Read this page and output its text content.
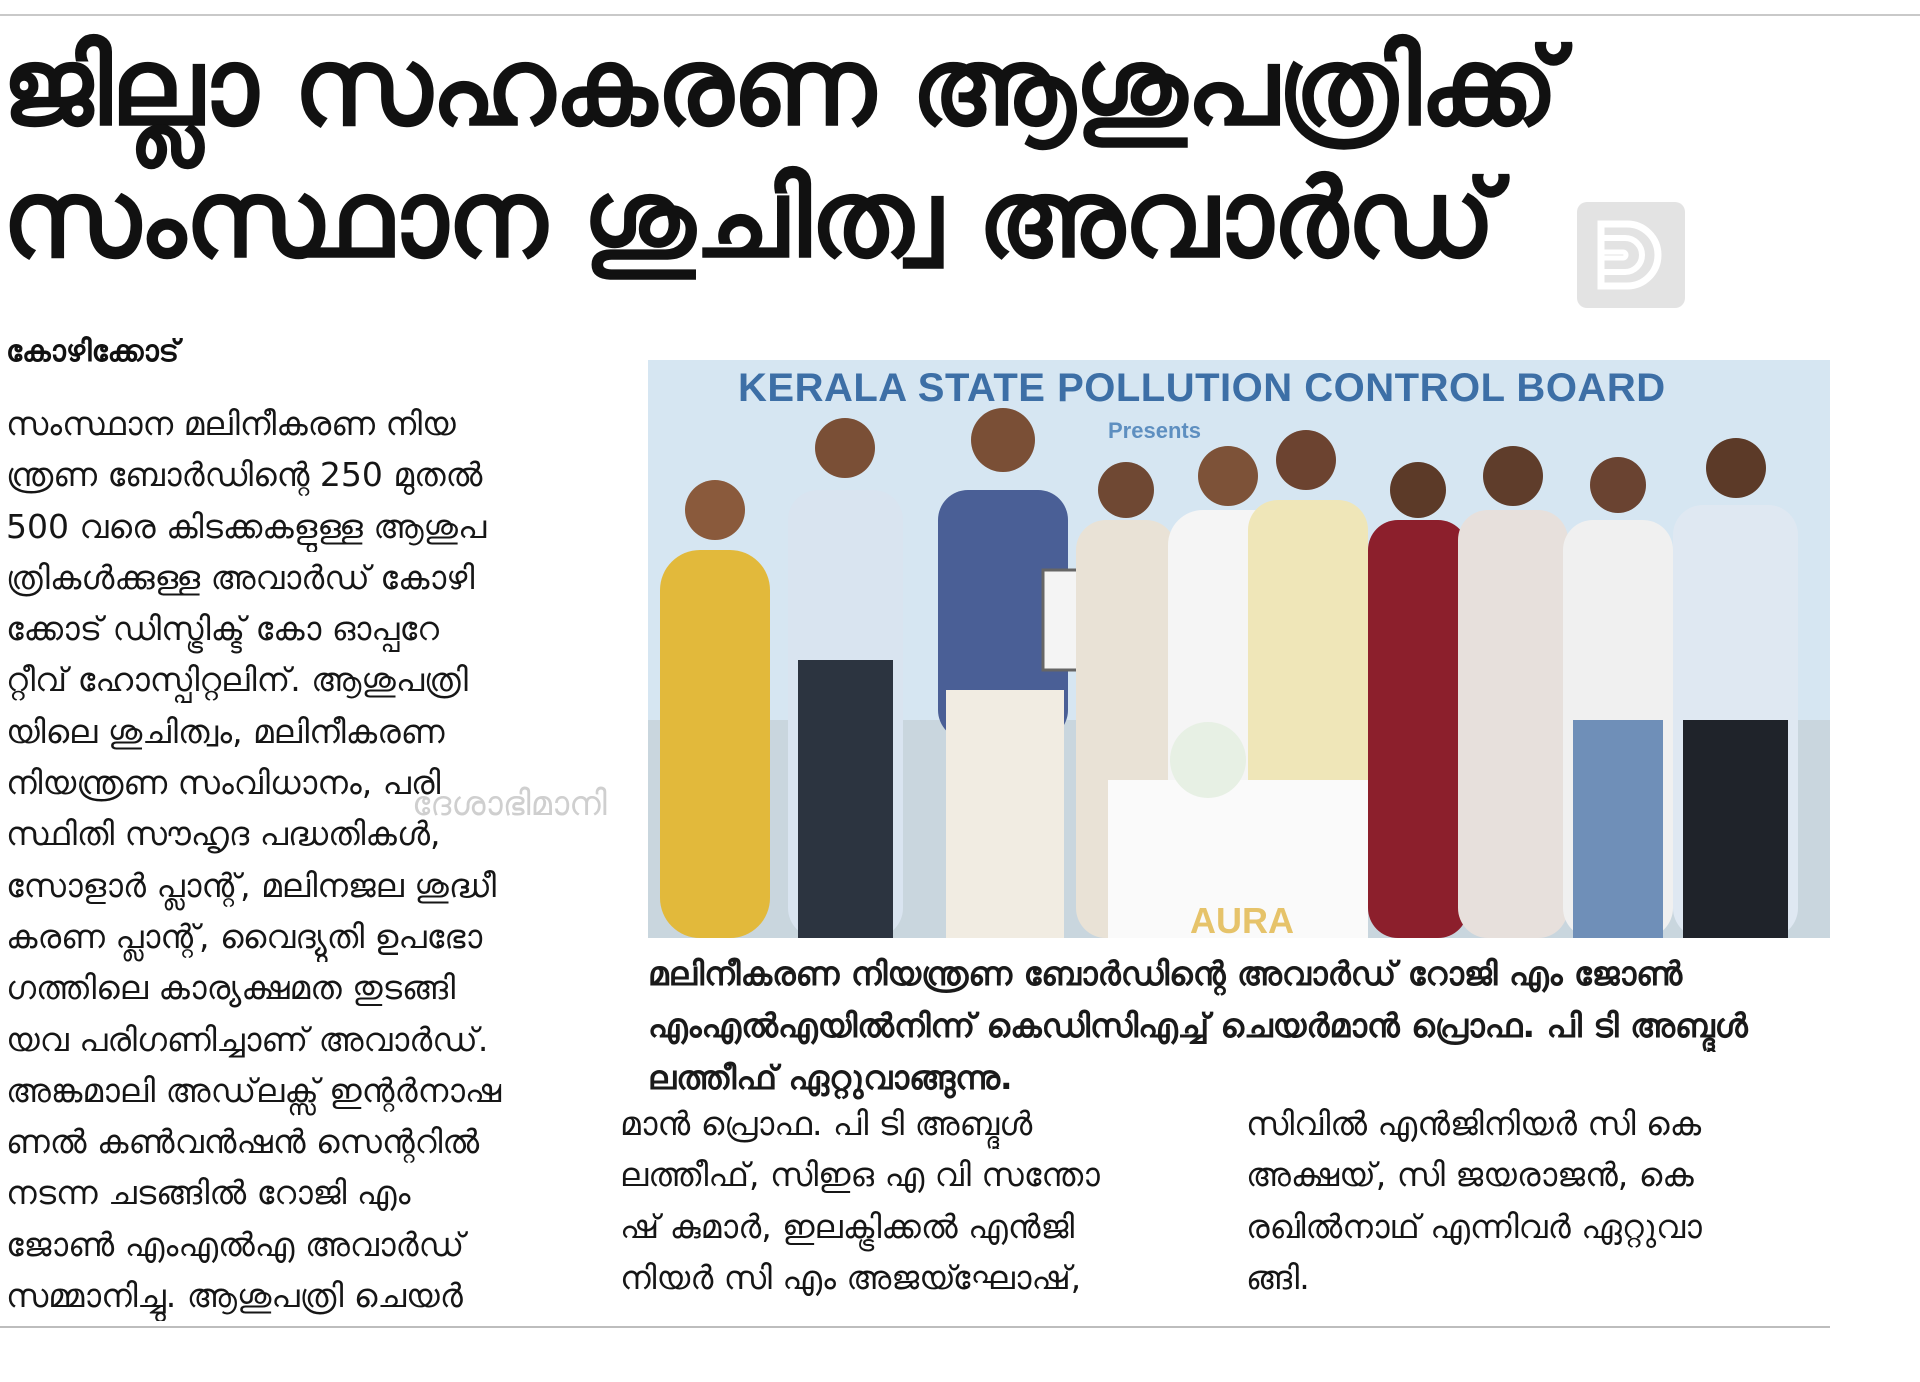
ജില്ലാ സഹകരണ ആശുപത്രിക്ക്
സംസ്ഥാന ശുചിത്വ അവാർഡ്
കോഴിക്കോട്
സംസ്ഥാന മലിനീകരണ നിയ
ന്ത്രണ ബോർഡിന്റെ 250 മുതൽ
500 വരെ കിടക്കകളുള്ള ആശുപ
ത്രികൾക്കുള്ള അവാർഡ് കോഴി
ക്കോട് ഡിസ്ട്രിക്ട് കോ ഓപ്പറേ
റ്റീവ് ഹോസ്പിറ്റലിന്. ആശുപത്രി
യിലെ ശുചിത്വം, മലിനീകരണ
നിയന്ത്രണ സംവിധാനം, പരി
സ്ഥിതി സൗഹൃദ പദ്ധതികൾ,
സോളാർ പ്ലാന്റ്, മലിനജല ശുദ്ധീ
കരണ പ്ലാന്റ്, വൈദ്യുതി ഉപഭോ
ഗത്തിലെ കാര്യക്ഷമത തുടങ്ങി
യവ പരിഗണിച്ചാണ് അവാർഡ്.
അങ്കമാലി അഡ്‌ലക്സ് ഇന്റർനാഷ
ണൽ കൺവൻഷൻ സെന്ററിൽ
നടന്ന ചടങ്ങിൽ റോജി എം
ജോൺ എംഎൽഎ അവാർഡ്
സമ്മാനിച്ചു. ആശുപത്രി ചെയർ
ദേശാഭിമാനി
KERALA STATE POLLUTION CONTROL BOARD
Presents
AURA
മലിനീകരണ നിയന്ത്രണ ബോർഡിന്റെ അവാർഡ് റോജി എം ജോൺ
എംഎൽഎയിൽനിന്ന് കെഡിസിഎച്ച് ചെയർമാൻ പ്രൊഫ. പി ടി അബ്ദുൾ
ലത്തീഫ് ഏറ്റുവാങ്ങുന്നു.
മാൻ പ്രൊഫ. പി ടി അബ്ദുൾ
ലത്തീഫ്, സിഇഒ എ വി സന്തോ
ഷ് കുമാർ, ഇലക്ട്രിക്കൽ എൻജി
നിയർ സി എം അജയ്ഘോഷ്,
സിവിൽ എൻജിനിയർ സി കെ
അക്ഷയ്, സി ജയരാജൻ, കെ
രഖിൽനാഥ് എന്നിവർ ഏറ്റുവാ
ങ്ങി.
